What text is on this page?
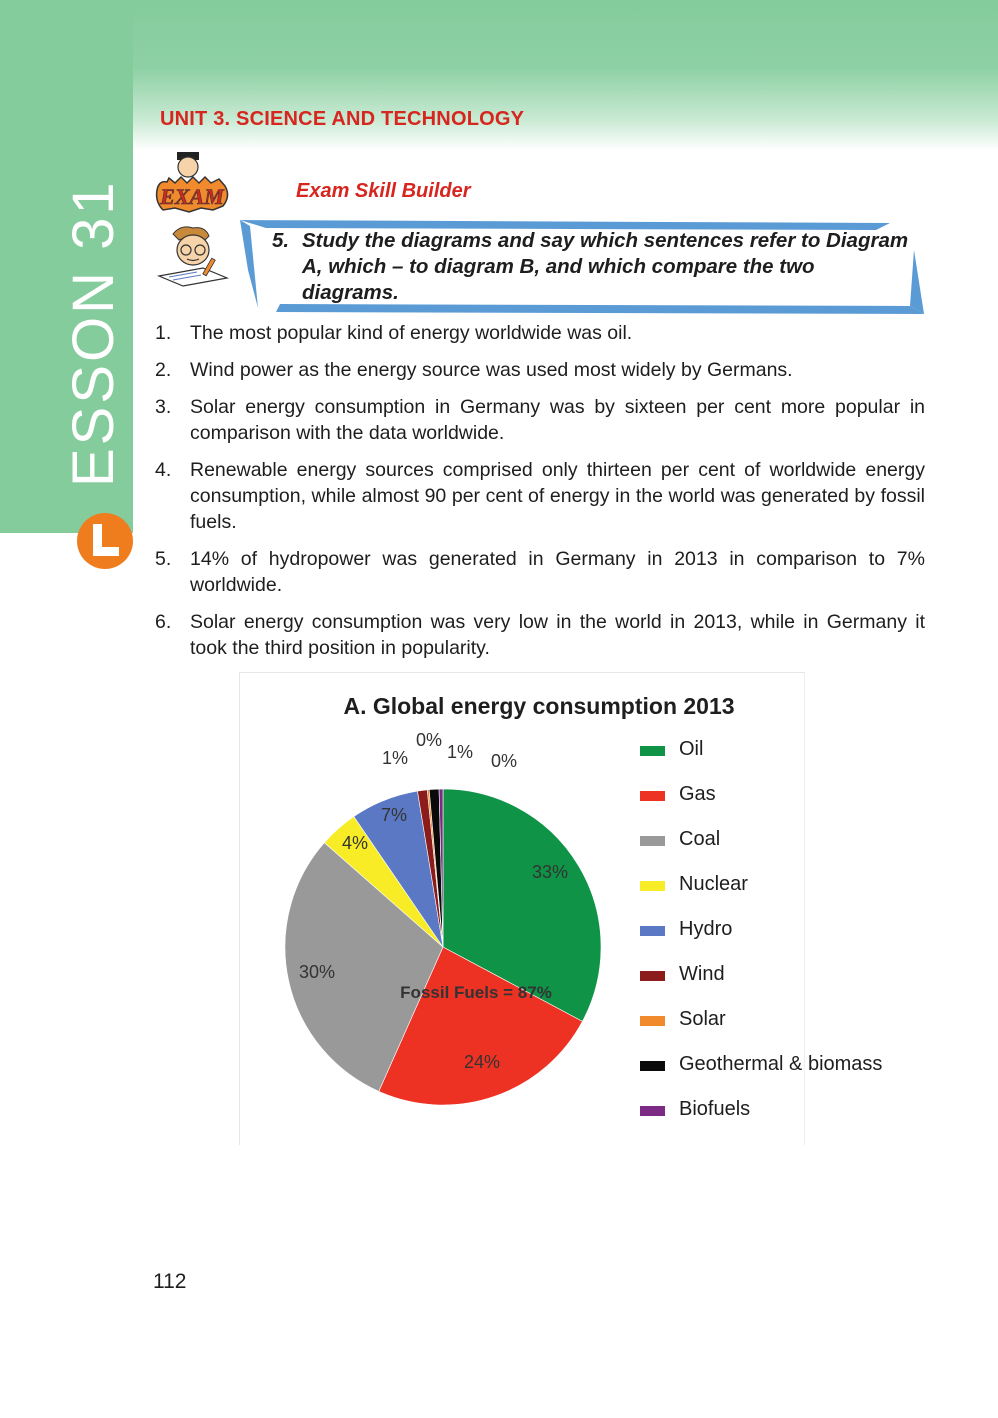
ESSON 31
UNIT 3. SCIENCE AND TECHNOLOGY
EXAM	Exam Skill Builder
5. Study the diagrams and say which sentences refer to Diagram A, which – to diagram B, and which compare the two diagrams.
1. The most popular kind of energy worldwide was oil.
2. Wind power as the energy source was used most widely by Germans.
3. Solar energy consumption in Germany was by sixteen per cent more popular in comparison with the data worldwide.
4. Renewable energy sources comprised only thirteen per cent of worldwide energy consumption, while almost 90 per cent of energy in the world was generated by fossil fuels.
5. 14% of hydropower was generated in Germany in 2013 in comparison to 7% worldwide.
6. Solar energy consumption was very low in the world in 2013, while in Germany it took the third position in popularity.
A. Global energy consumption 2013
33%
24%
30%
4%
7%
1%
0%
1% 0%
Fossil Fuels = 87%
Oil
Gas
Coal
Nuclear
Hydro
Wind
Solar
Geothermal & biomass
Biofuels
112
